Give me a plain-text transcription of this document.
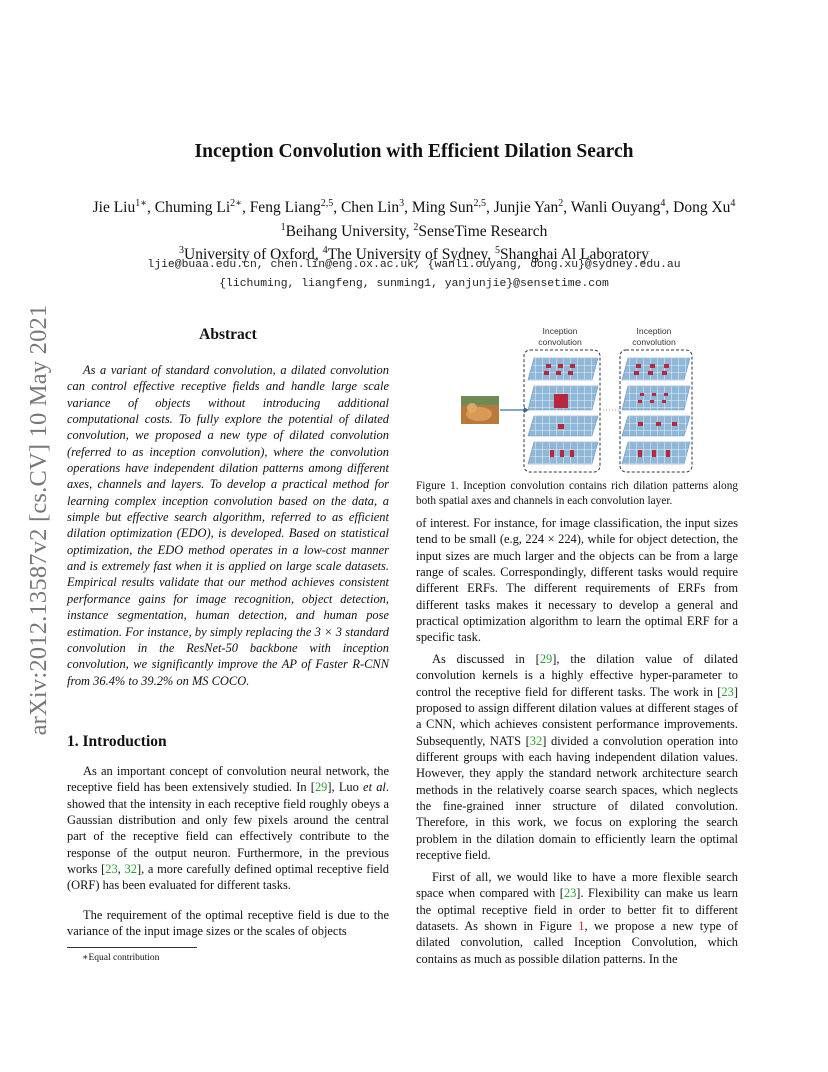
arXiv:2012.13587v2 [cs.CV] 10 May 2021
Inception Convolution with Efficient Dilation Search
Jie Liu$^{1∗}$, Chuming $Li^{2∗}$, Feng Liang$^{2,5}$, Chen Lin$^3$, Ming Sun$^{2,5}$, Junjie Yan$^2$, Wanli Ouyang$^4$, Dong Xu$^4$
$^1$Beihang University, $^2$SenseTime Research
$^3$University of Oxford, $^4$The University of Sydney, $^5$Shanghai Al Laboratory
ljie@buaa.edu.cn, chen.lin@eng.ox.ac.uk, {wanli.ouyang, dong.xu}@sydney.edu.au
{lichuming, liangfeng, sunming1, yanjunjie}@sensetime.com
Abstract
As a variant of standard convolution, a dilated convolution can control effective receptive fields and handle large scale variance of objects without introducing additional computational costs. To fully explore the potential of dilated convolution, we proposed a new type of dilated convolution (referred to as inception convolution), where the convolution operations have independent dilation patterns among different axes, channels and layers. To develop a practical method for learning complex inception convolution based on the data, a simple but effective search algorithm, referred to as efficient dilation optimization (EDO), is developed. Based on statistical optimization, the EDO method operates in a low-cost manner and is extremely fast when it is applied on large scale datasets. Empirical results validate that our method achieves consistent performance gains for image recognition, object detection, instance segmentation, human detection, and human pose estimation. For instance, by simply replacing the 3 × 3 standard convolution in the ResNet-50 backbone with inception convolution, we significantly improve the AP of Faster R-CNN from 36.4% to 39.2% on MS COCO.
1. Introduction
As an important concept of convolution neural network, the receptive field has been extensively studied. In [29], Luo et al. showed that the intensity in each receptive field roughly obeys a Gaussian distribution and only few pixels around the central part of the receptive field can effectively contribute to the response of the output neuron. Furthermore, in the previous works [23, 32], a more carefully defined optimal receptive field (ORF) has been evaluated for different tasks.
The requirement of the optimal receptive field is due to the variance of the input image sizes or the scales of objects
∗Equal contribution
Inception convolution
Inception convolution
Figure 1. Inception convolution contains rich dilation patterns along both spatial axes and channels in each convolution layer.
of interest. For instance, for image classification, the input sizes tend to be small (e.g, 224 × 224), while for object detection, the input sizes are much larger and the objects can be from a large range of scales. Correspondingly, different tasks would require different ERFs. The different requirements of ERFs from different tasks makes it necessary to develop a general and practical optimization algorithm to learn the optimal ERF for a specific task.
As discussed in [29], the dilation value of dilated convolution kernels is a highly effective hyper-parameter to control the receptive field for different tasks. The work in [23] proposed to assign different dilation values at different stages of a CNN, which achieves consistent performance improvements. Subsequently, NATS [32] divided a convolution operation into different groups with each having independent dilation values. However, they apply the standard network architecture search methods in the relatively coarse search spaces, which neglects the fine-grained inner structure of dilated convolution. Therefore, in this work, we focus on exploring the search problem in the dilation domain to efficiently learn the optimal receptive field.
First of all, we would like to have a more flexible search space when compared with [23]. Flexibility can make us learn the optimal receptive field in order to better fit to different datasets. As shown in Figure 1, we propose a new type of dilated convolution, called Inception Convolution, which contains as much as possible dilation patterns. In the
